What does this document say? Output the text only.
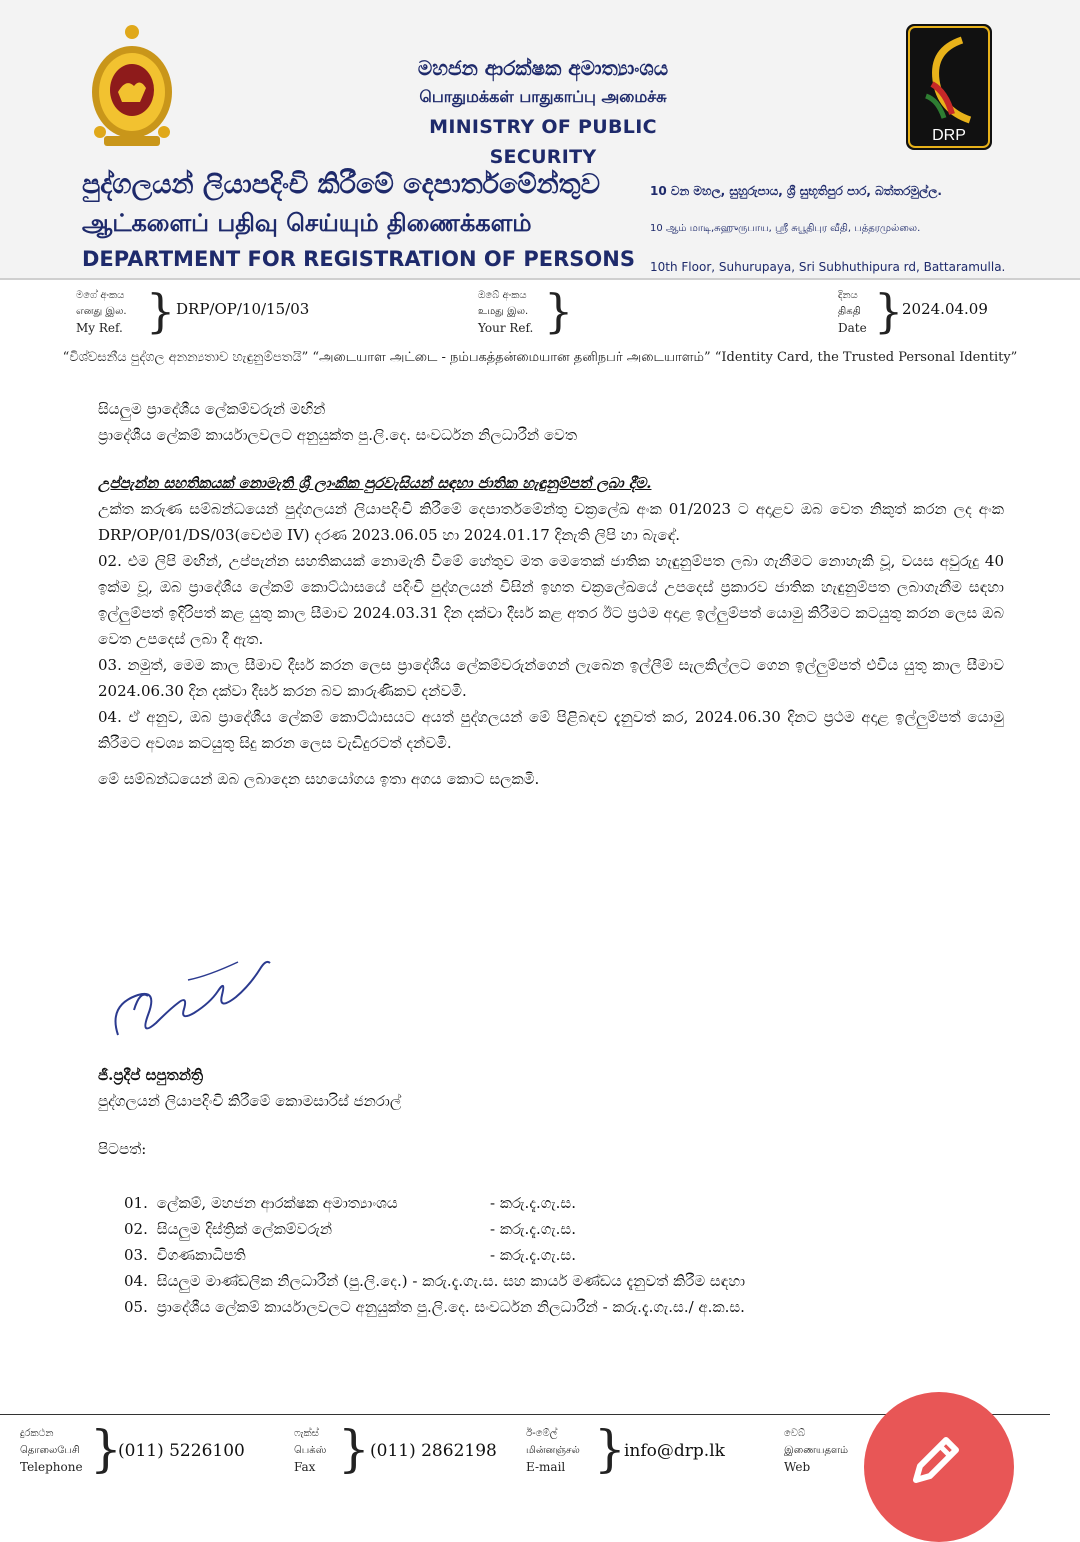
මහජන ආරක්ෂක අමාත්‍යාංශය
பொதுமக்கள் பாதுகாப்பு அமைச்சு
MINISTRY OF PUBLIC SECURITY
DRP
පුද්ගලයන් ලියාපදිංචි කිරීමේ දෙපාර්තමේන්තුව
ஆட்களைப் பதிவு செய்யும் திணைக்களம்
DEPARTMENT FOR REGISTRATION OF PERSONS
10 වන මහල, සුහුරුපාය, ශ්‍රී සුභූතිපුර පාර, බත්තරමුල්ල.
10 ஆம் மாடி,சுஹுருபாய, ஸ்ரீ சுபூதிபுர வீதி, பத்தரமுல்லை.
10th Floor, Suhurupaya, Sri Subhuthipura rd, Battaramulla.
මගේ අංකය
எனது இல.
My Ref. } DRP/OP/10/15/03
ඔබේ අංකය
உமது இல.
Your Ref. }	දිනය
திகதி
Date }
2024.04.09
“විශ්වසනීය පුද්ගල අනන්‍යතාව හැඳුනුම්පතයි” “அடையாள அட்டை - நம்பகத்தன்மையான தனிநபர் அடையாளம்” “Identity Card, the Trusted Personal Identity”

සියලුම ප්‍රාදේශීය ලේකම්වරුන් මඟින්

ප්‍රාදේශීය ලේකම් කාර්යාලවලට අනුයුක්ත පු.ලි.දෙ. සංවර්ධන නිලධාරීන් වෙත

උප්පැන්න සහතිකයක් නොමැති ශ්‍රී ලාංකික පුරවැසියන් සඳහා ජාතික හැඳුනුම්පත් ලබා දීම.

උක්ත කරුණ සම්බන්ධයෙන් පුද්ගලයන් ලියාපදිංචි කිරීමේ දෙපාර්තමේන්තු චක්‍රලේඛ අංක 01/2023 ට අදාළව ඔබ වෙත නිකුත් කරන ලද අංක DRP/OP/01/DS/03(වෙළුම IV) දරණ 2023.06.05 හා 2024.01.17 දිනැති ලිපි හා බැඳේ.

02. එම ලිපි මඟින්, උප්පැන්න සහතිකයක් නොමැති වීමේ හේතුව මත මෙතෙක් ජාතික හැඳුනුම්පත ලබා ගැනීමට නොහැකි වූ, වයස අවුරුදු 40 ඉක්ම වූ, ඔබ ප්‍රාදේශීය ලේකම් කොට්ඨාසයේ පදිංචි පුද්ගලයන් විසින් ඉහත චක්‍රලේඛයේ උපදෙස් ප්‍රකාරව ජාතික හැඳුනුම්පත ලබාගැනීම සඳහා ඉල්ලුම්පත් ඉදිරිපත් කළ යුතු කාල සීමාව 2024.03.31 දින දක්වා දීර්ඝ කළ අතර ඊට ප්‍රථම අදාළ ඉල්ලුම්පත් යොමු කිරීමට කටයුතු කරන ලෙස ඔබ වෙත උපදෙස් ලබා දී ඇත.

03. නමුත්, මෙම කාල සීමාව දීර්ඝ කරන ලෙස ප්‍රාදේශීය ලේකම්වරුන්ගෙන් ලැබෙන ඉල්ලීම් සැලකිල්ලට ගෙන ඉල්ලුම්පත් එවිය යුතු කාල සීමාව 2024.06.30 දින දක්වා දීර්ඝ කරන බව කාරුණිකව දන්වමි.

04. ඒ අනුව, ඔබ ප්‍රාදේශීය ලේකම් කොට්ඨාසයට අයත් පුද්ගලයන් මේ පිළිබඳව දැනුවත් කර, 2024.06.30 දිනට ප්‍රථම අදාළ ඉල්ලුම්පත් යොමු කිරීමට අවශ්‍ය කටයුතු සිදු කරන ලෙස වැඩිදුරටත් දන්වමි.

මේ සම්බන්ධයෙන් ඔබ ලබාදෙන සහයෝගය ඉතා අගය කොට සලකමි.

ජී.ප්‍රදීප් සපුතන්ත්‍රි
පුද්ගලයන් ලියාපදිංචි කිරීමේ කොමසාරිස් ජනරාල්
පිටපත්:
01. ලේකම්, මහජන ආරක්ෂක අමාත්‍යාංශය	- කරු.දැ.ගැ.ස.
02. සියලුම දිස්ත්‍රික් ලේකම්වරුන්	- කරු.දැ.ගැ.ස.
03. විගණකාධිපති	- කරු.දැ.ගැ.ස.
04. සියලුම මාණ්ඩලික නිලධාරීන් (පු.ලි.දෙ.) - කරු.දැ.ගැ.ස. සහ කාර්ය මණ්ඩය දැනුවත් කිරීම සඳහා
05. ප්‍රාදේශීය ලේකම් කාර්යාලවලට අනුයුක්ත පු.ලි.දෙ. සංවර්ධන නිලධාරීන් - කරු.දැ.ගැ.ස./ අ.ක.ස.
දුරකථන
தொலைபேசி
Telephone }
(011) 5226100
ෆැක්ස්
பெக்ஸ்
Fax } (011) 2862198
ඊ-මේල්
மின்னஞ்சல்
E-mail }
info@drp.lk
වෙබ්
இணையதளம்
Web
